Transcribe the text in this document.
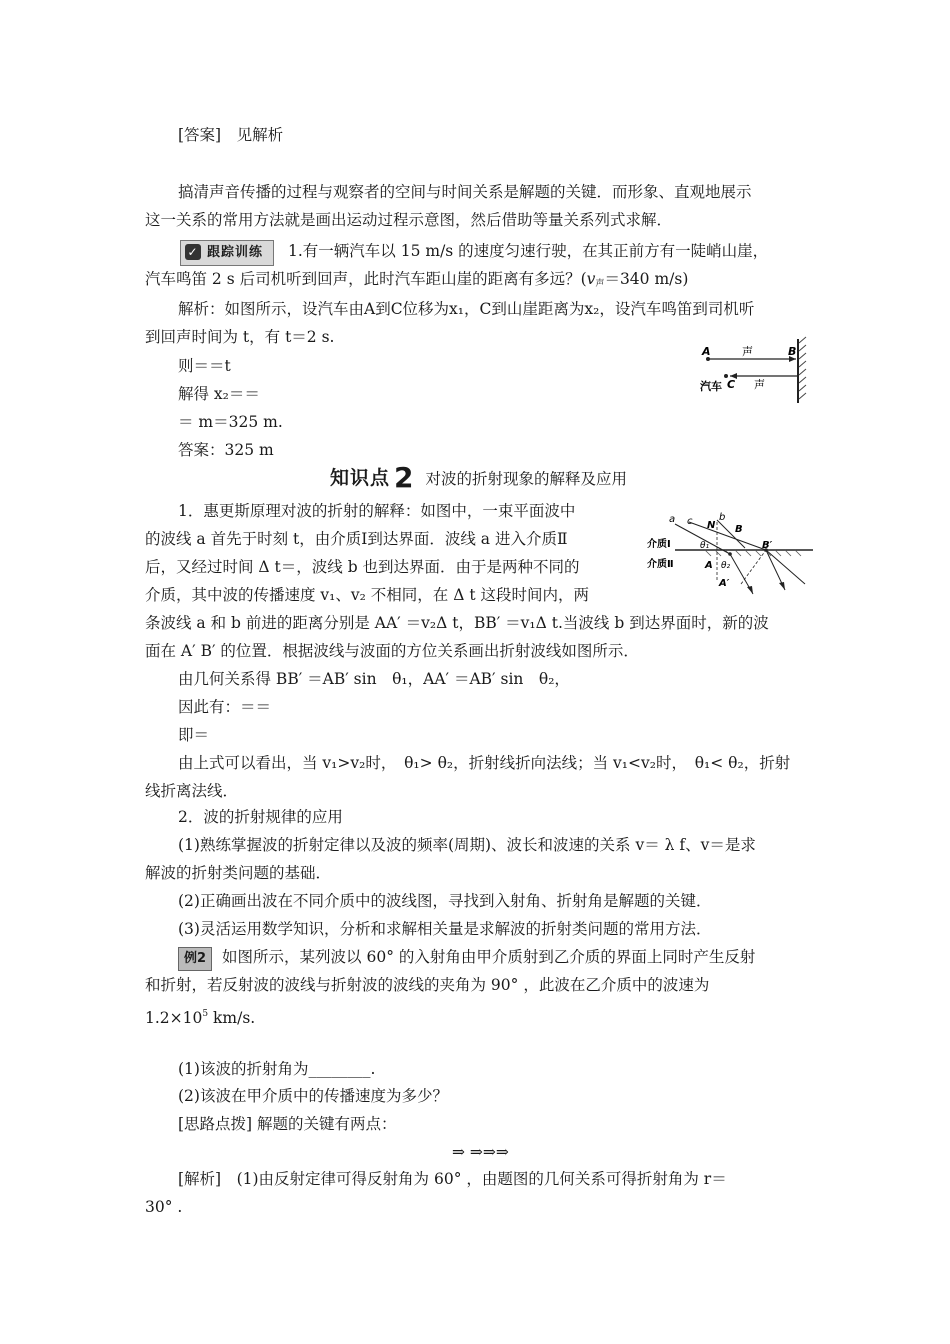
[答案]　见解析
搞清声音传播的过程与观察者的空间与时间关系是解题的关键．而形象、直观地展示
这一关系的常用方法就是画出运动过程示意图，然后借助等量关系列式求解．
✓ 跟踪训练 1.有一辆汽车以 15 m/s 的速度匀速行驶，在其正前方有一陡峭山崖，
汽车鸣笛 2 s 后司机听到回声，此时汽车距山崖的距离有多远？($v_声=340$ m/s)
解析：如图所示，设汽车由A到C位移为x₁，C到山崖距离为x₂，设汽车鸣笛到司机听
到回声时间为 t，有 t＝2 s.
则＝＝t
解得 x₂＝＝
＝ m＝325 m.
答案：325 m
A	B
声
汽车 C 声
知识点 2 对波的折射现象的解释及应用
1．惠更斯原理对波的折射的解释：如图中，一束平面波中
的波线 a 首先于时刻 t，由介质Ⅰ到达界面．波线 a 进入介质Ⅱ
后，又经过时间 Δ t＝，波线 b 也到达界面．由于是两种不同的
介质，其中波的传播速度 v₁、v₂ 不相同，在 Δ t 这段时间内，两
条波线 a 和 b 前进的距离分别是 AA′ ＝v₂Δ t，BB′ ＝v₁Δ t.当波线 b 到达界面时，新的波
面在 A′ B′ 的位置．根据波线与波面的方位关系画出折射波线如图所示．
由几何关系得 BB′ ＝AB′ sin　θ₁，AA′ ＝AB′ sin　θ₂，
因此有：＝＝
即＝
由上式可以看出，当 v₁>v₂时，　θ₁> θ₂，折射线折向法线；当 v₁<v₂时，　θ₁< θ₂，折射
线折离法线．
a c N
b
B
B′
θ₁
A θ₂
A′
介质Ⅰ
介质Ⅱ
2．波的折射规律的应用
(1)熟练掌握波的折射定律以及波的频率(周期)、波长和波速的关系 v＝ λ f、v＝是求
解波的折射类问题的基础．
(2)正确画出波在不同介质中的波线图，寻找到入射角、折射角是解题的关键．
(3)灵活运用数学知识，分析和求解相关量是求解波的折射类问题的常用方法．
例2 如图所示，某列波以 60° 的入射角由甲介质射到乙介质的界面上同时产生反射
和折射，若反射波的波线与折射波的波线的夹角为 90° ，此波在乙介质中的波速为
$1.2\times 10^5$ km/s.
(1)该波的折射角为________.
(2)该波在甲介质中的传播速度为多少？
[思路点拨] 解题的关键有两点：
⇒ ⇒⇒⇒
[解析]　(1)由反射定律可得反射角为 60° ，由题图的几何关系可得折射角为 r＝
30° .
